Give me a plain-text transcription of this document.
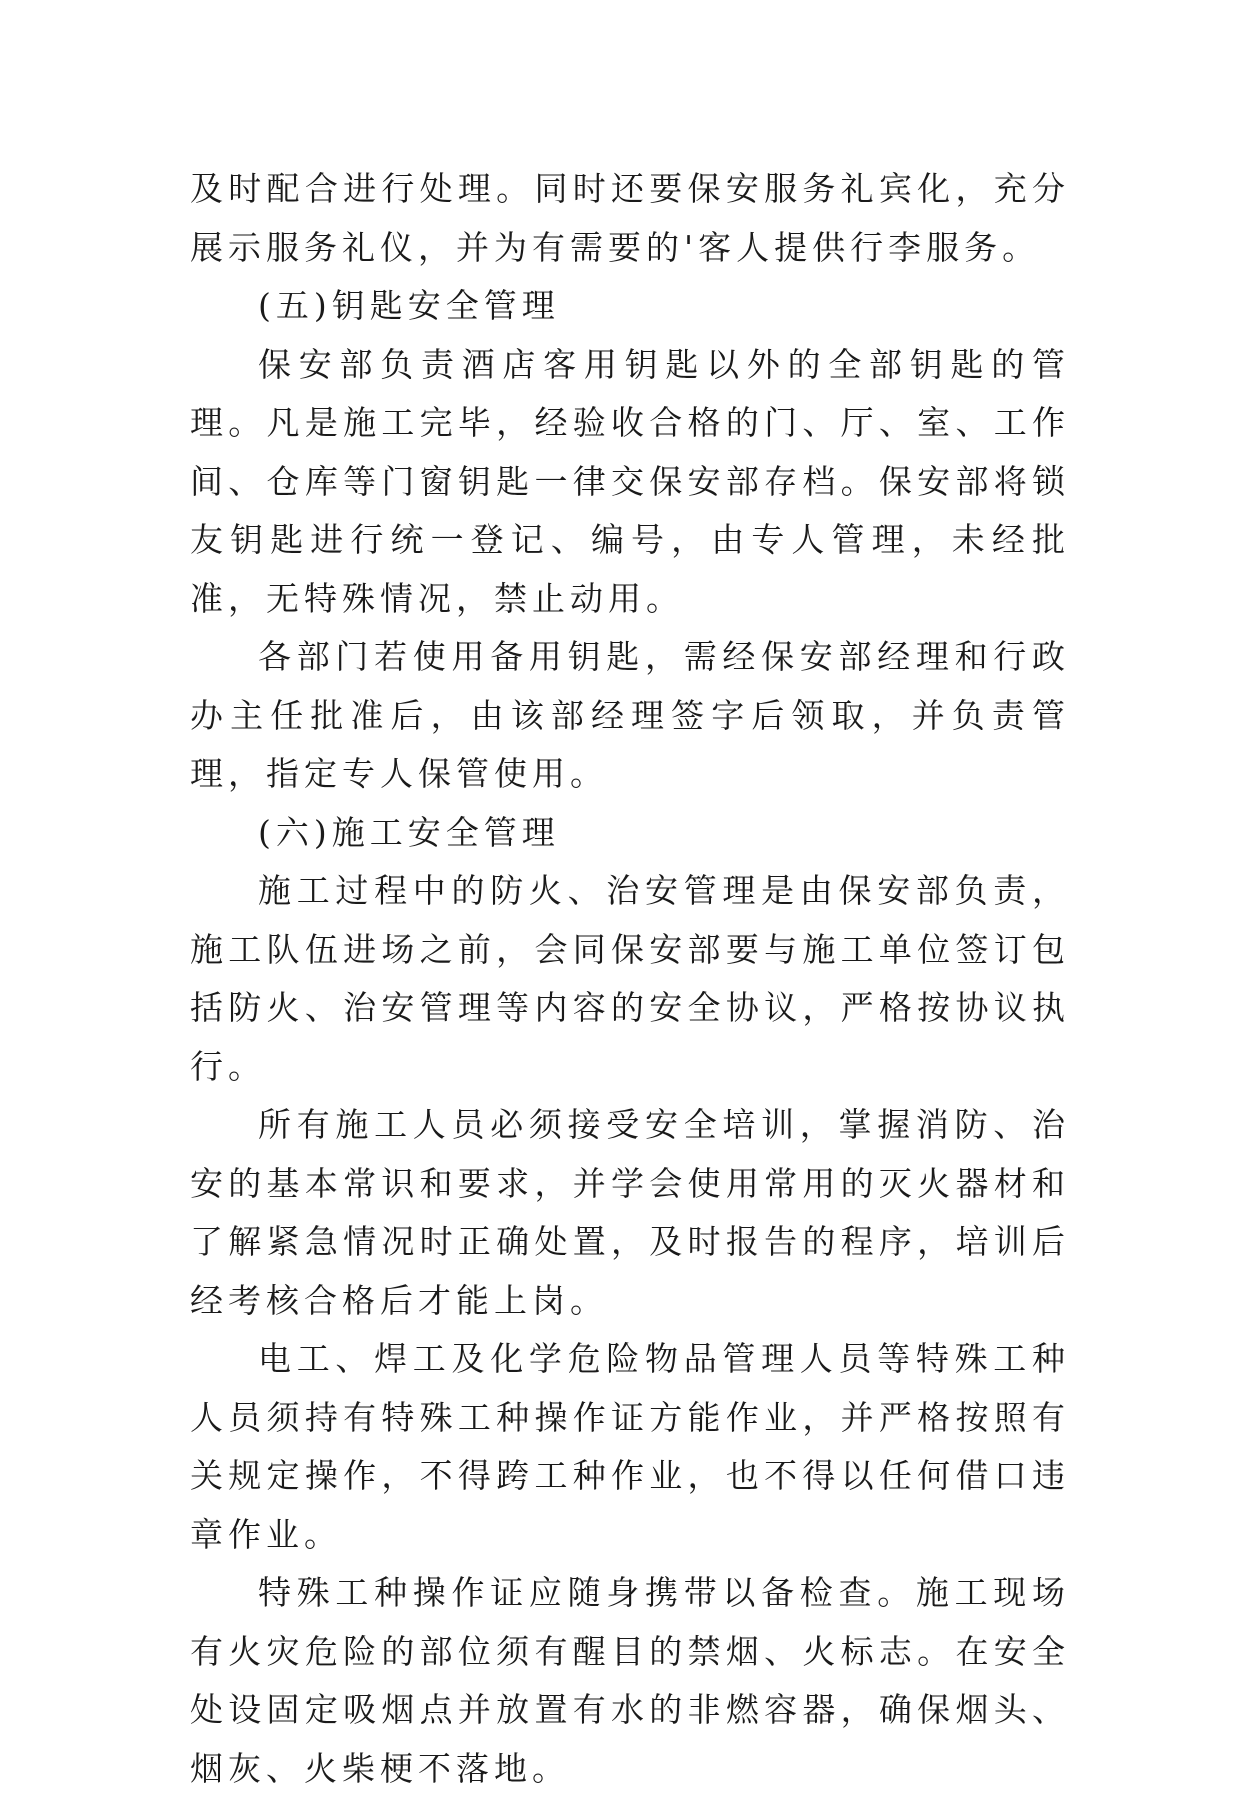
及时配合进行处理。同时还要保安服务礼宾化，充分展示服务礼仪，并为有需要的'客人提供行李服务。

(五)钥匙安全管理

保安部负责酒店客用钥匙以外的全部钥匙的管理。凡是施工完毕，经验收合格的门、厅、室、工作间、仓库等门窗钥匙一律交保安部存档。保安部将锁友钥匙进行统一登记、编号，由专人管理，未经批准，无特殊情况，禁止动用。

各部门若使用备用钥匙，需经保安部经理和行政办主任批准后，由该部经理签字后领取，并负责管理，指定专人保管使用。

(六)施工安全管理

施工过程中的防火、治安管理是由保安部负责，施工队伍进场之前，会同保安部要与施工单位签订包括防火、治安管理等内容的安全协议，严格按协议执行。

所有施工人员必须接受安全培训，掌握消防、治安的基本常识和要求，并学会使用常用的灭火器材和了解紧急情况时正确处置，及时报告的程序，培训后经考核合格后才能上岗。

电工、焊工及化学危险物品管理人员等特殊工种人员须持有特殊工种操作证方能作业，并严格按照有关规定操作，不得跨工种作业，也不得以任何借口违章作业。

特殊工种操作证应随身携带以备检查。施工现场有火灾危险的部位须有醒目的禁烟、火标志。在安全处设固定吸烟点并放置有水的非燃容器，确保烟头、烟灰、火柴梗不落地。
